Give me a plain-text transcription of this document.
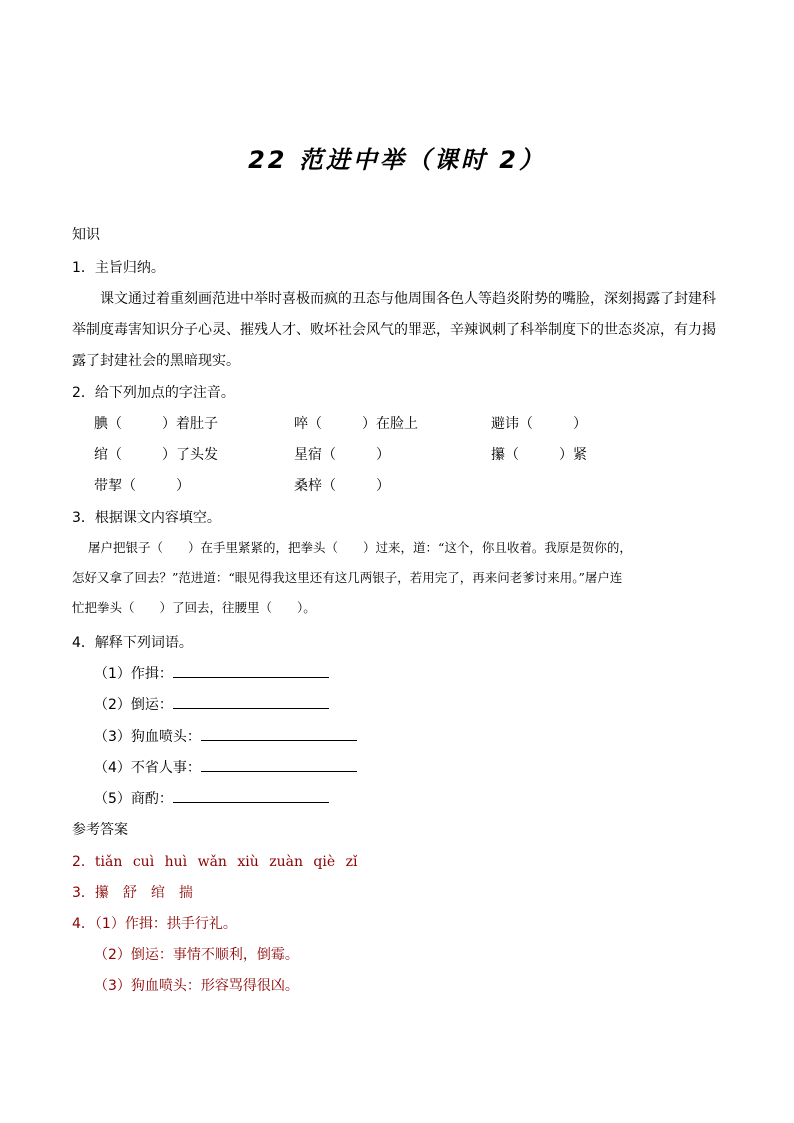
22 范进中举（课时 2）
知识
1．主旨归纳。
课文通过着重刻画范进中举时喜极而疯的丑态与他周围各色人等趋炎附势的嘴脸，深刻揭露了封建科
举制度毒害知识分子心灵、摧残人才、败坏社会风气的罪恶，辛辣讽刺了科举制度下的世态炎凉，有力揭
露了封建社会的黑暗现实。
2．给下列加点的字注音。
腆（	）着肚子	啐（	）在脸上	避讳（	）
绾（	）了头发	星宿（	）	攥（	）紧
带挈（	）	桑梓（	）
3．根据课文内容填空。
屠户把银子（　　）在手里紧紧的，把拳头（　　）过来，道：“这个，你且收着。我原是贺你的，
怎好又拿了回去？”范进道：“眼见得我这里还有这几两银子，若用完了，再来问老爹讨来用。”屠户连
忙把拳头（　　）了回去，往腰里（　　）。
4．解释下列词语。
（1）作揖：
（2）倒运：
（3）狗血喷头：
（4）不省人事：
（5）商酌：
参考答案
2．tiǎn cuì huì wǎn xiù zuàn qiè zǐ
3．攥　舒　绾　揣
4．（1）作揖：拱手行礼。
（2）倒运：事情不顺利，倒霉。
（3）狗血喷头：形容骂得很凶。
